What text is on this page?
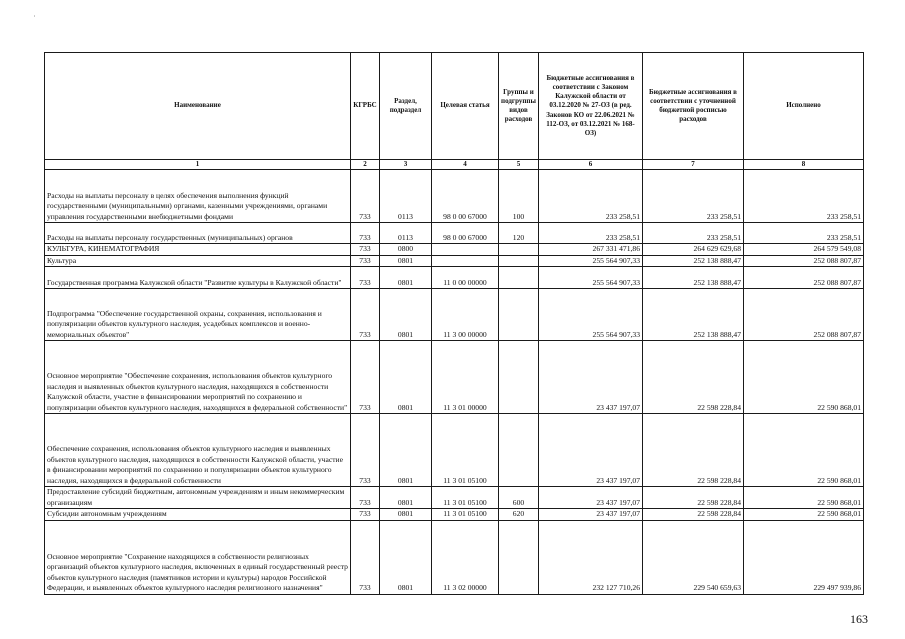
˙
Наименование	КГРБС	Раздел, подраздел	Целевая статья	Группы и подгруппы видов расходов	Бюджетные ассигнования в соответствии с Законом Калужской области от 03.12.2020 № 27-ОЗ (в ред. Законов КО от 22.06.2021 № 112-ОЗ, от 03.12.2021 № 168-ОЗ)	Бюджетные ассигнования в соответствии с уточненной бюджетной росписью расходов	Исполнено
1	2	3	4	5	6	7	8
Расходы на выплаты персоналу в целях обеспечения выполнения функций государственными (муниципальными) органами, казенными учреждениями, органами управления государственными внебюджетными фондами	733	0113	98 0 00 67000	100	233 258,51	233 258,51	233 258,51
Расходы на выплаты персоналу государственных (муниципальных) органов	733	0113	98 0 00 67000	120	233 258,51	233 258,51	233 258,51
КУЛЬТУРА, КИНЕМАТОГРАФИЯ	733	0800			267 331 471,86	264 629 629,68	264 579 549,08
Культура	733	0801			255 564 907,33	252 138 888,47	252 088 807,87
Государственная программа Калужской области "Развитие культуры в Калужской области"	733	0801	11 0 00 00000		255 564 907,33	252 138 888,47	252 088 807,87
Подпрограмма "Обеспечение государственной охраны, сохранения, использования и популяризации объектов культурного наследия, усадебных комплексов и военно-мемориальных объектов"	733	0801	11 3 00 00000		255 564 907,33	252 138 888,47	252 088 807,87
Основное мероприятие "Обеспечение сохранения, использования объектов культурного наследия и выявленных объектов культурного наследия, находящихся в собственности Калужской области, участие в финансировании мероприятий по сохранению и популяризации объектов культурного наследия, находящихся в федеральной собственности"	733	0801	11 3 01 00000		23 437 197,07	22 598 228,84	22 590 868,01
Обеспечение сохранения, использования объектов культурного наследия и выявленных объектов культурного наследия, находящихся в собственности Калужской области, участие в финансировании мероприятий по сохранению и популяризации объектов культурного наследия, находящихся в федеральной собственности	733	0801	11 3 01 05100		23 437 197,07	22 598 228,84	22 590 868,01
Предоставление субсидий бюджетным, автономным учреждениям и иным некоммерческим организациям	733	0801	11 3 01 05100	600	23 437 197,07	22 598 228,84	22 590 868,01
Субсидии автономным учреждениям	733	0801	11 3 01 05100	620	23 437 197,07	22 598 228,84	22 590 868,01
Основное мероприятие "Сохранение находящихся в собственности религиозных организаций объектов культурного наследия, включенных в единый государственный реестр объектов культурного наследия (памятников истории и культуры) народов Российской Федерации, и выявленных объектов культурного наследия религиозного назначения"	733	0801	11 3 02 00000		232 127 710,26	229 540 659,63	229 497 939,86
163
